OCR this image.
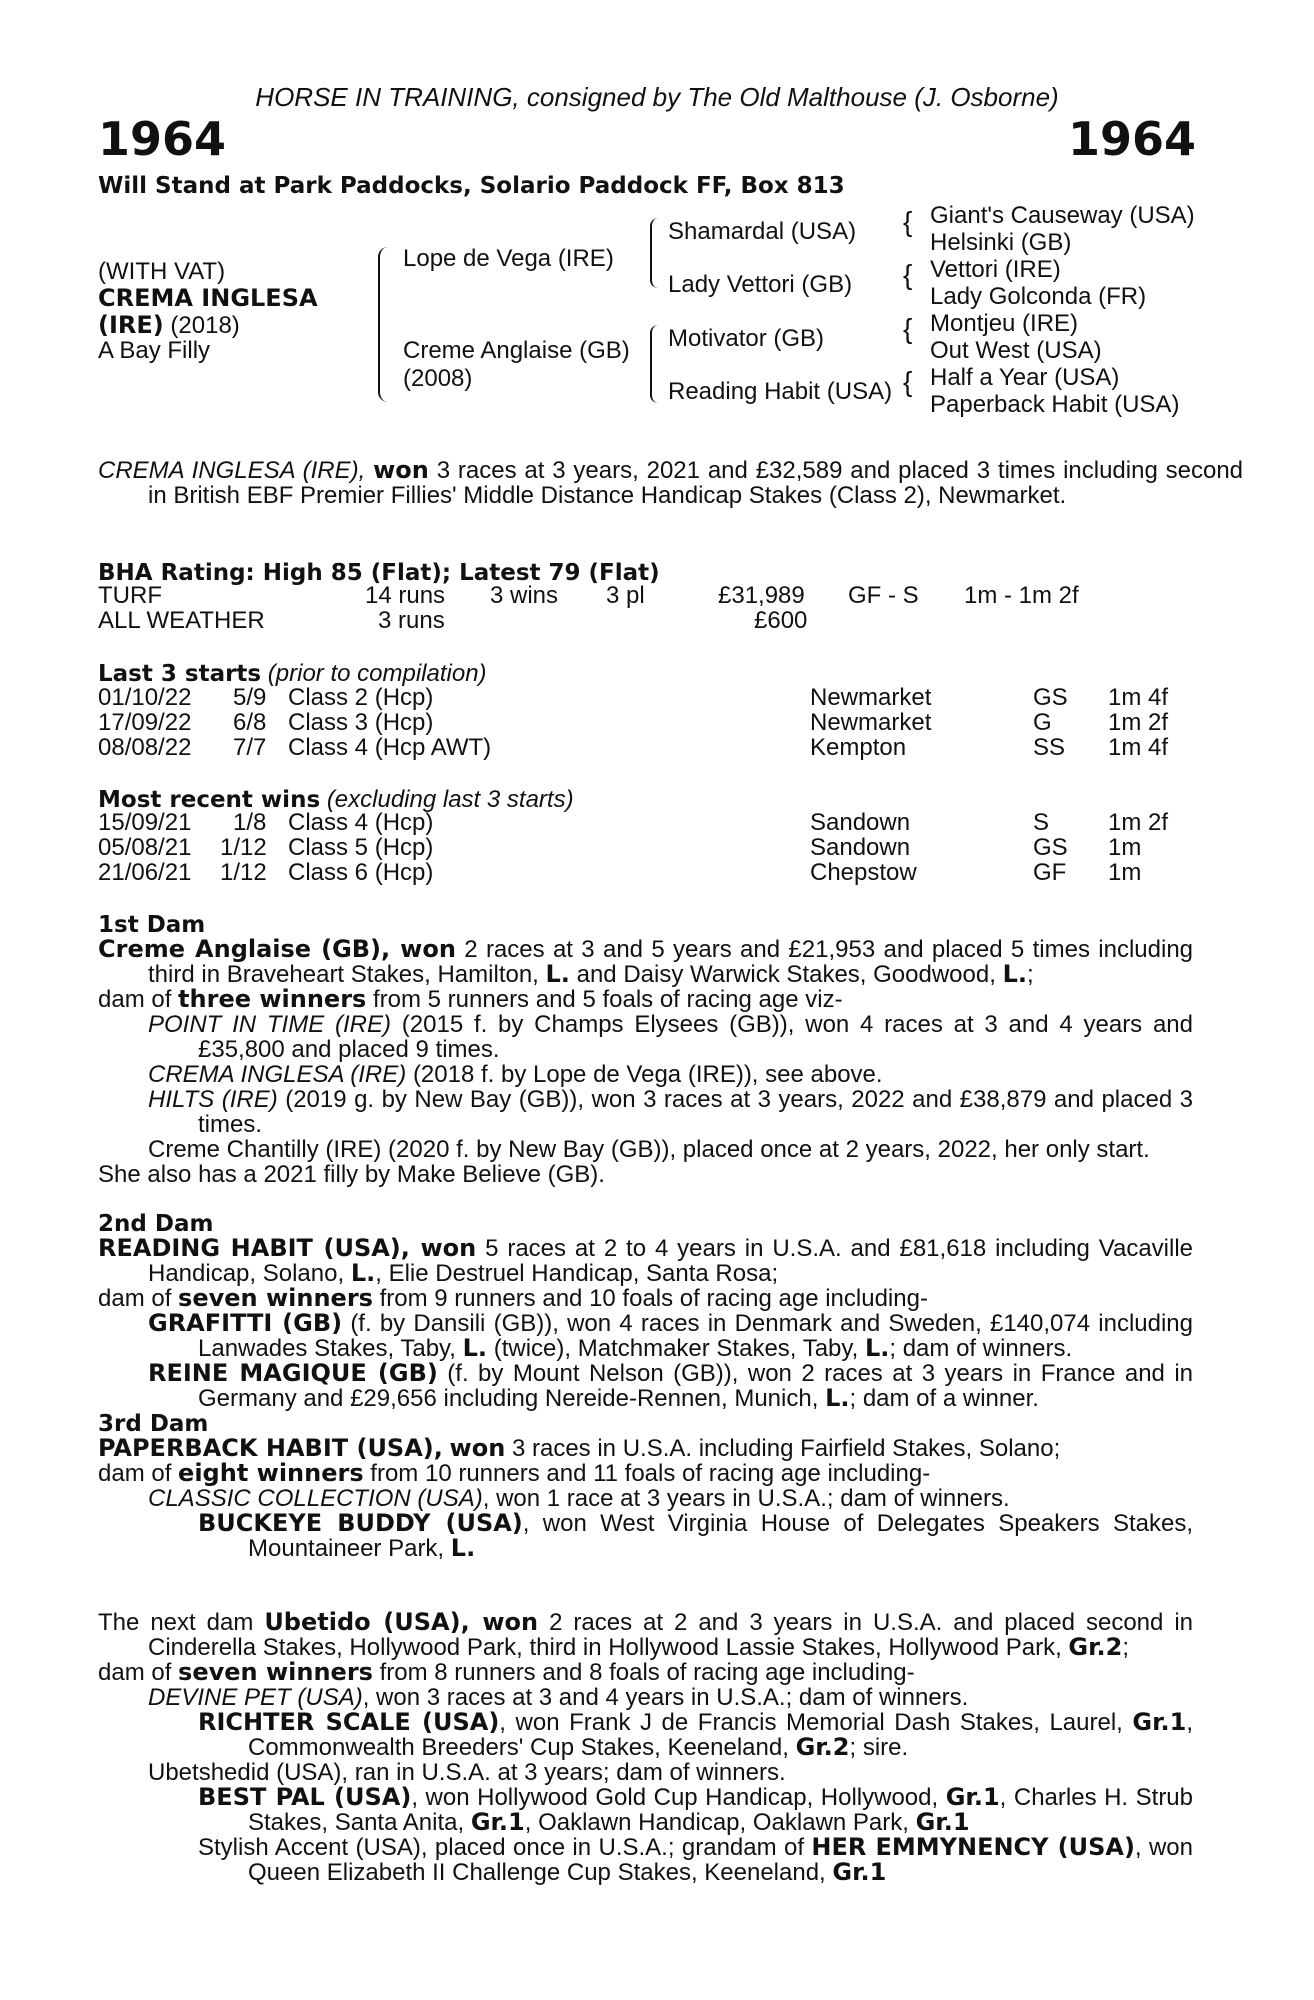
HORSE IN TRAINING, consigned by The Old Malthouse (J. Osborne)
1964	1964
Will Stand at Park Paddocks, Solario Paddock FF, Box 813
(WITH VAT)
CREMA INGLESA
(IRE) (2018)
A Bay Filly
Lope de Vega (IRE)
Creme Anglaise (GB)
(2008)
Shamardal (USA)
Lady Vettori (GB)
Motivator (GB)
Reading Habit (USA)
{
{
{
{
Giant's Causeway (USA)
Helsinki (GB)
Vettori (IRE)
Lady Golconda (FR)
Montjeu (IRE)
Out West (USA)
Half a Year (USA)
Paperback Habit (USA)

CREMA INGLESA (IRE), won 3 races at 3 years, 2021 and £32,589 and placed 3 times including second in British EBF Premier Fillies' Middle Distance Handicap Stakes (Class 2), Newmarket.

BHA Rating: High 85 (Flat); Latest 79 (Flat)
TURF	14 runs 3 wins 3 pl	£31,989 GF - S 1m - 1m 2f
ALL WEATHER	3 runs	£600
Last 3 starts (prior to compilation)
01/10/22 5/9 Class 2 (Hcp)	Newmarket	GS 1m 4f
17/09/22 6/8 Class 3 (Hcp)	Newmarket	G 1m 2f
08/08/22 7/7 Class 4 (Hcp AWT)	Kempton	SS 1m 4f
Most recent wins (excluding last 3 starts)
15/09/21 1/8 Class 4 (Hcp)	Sandown	S 1m 2f
05/08/21 1/12 Class 5 (Hcp)	Sandown	GS 1m
21/06/21 1/12 Class 6 (Hcp)	Chepstow	GF 1m
1st Dam

Creme Anglaise (GB), won 2 races at 3 and 5 years and £21,953 and placed 5 times including third in Braveheart Stakes, Hamilton, L. and Daisy Warwick Stakes, Goodwood, L.;

dam of three winners from 5 runners and 5 foals of racing age viz-

POINT IN TIME (IRE) (2015 f. by Champs Elysees (GB)), won 4 races at 3 and 4 years and £35,800 and placed 9 times.

CREMA INGLESA (IRE) (2018 f. by Lope de Vega (IRE)), see above.

HILTS (IRE) (2019 g. by New Bay (GB)), won 3 races at 3 years, 2022 and £38,879 and placed 3 times.

Creme Chantilly (IRE) (2020 f. by New Bay (GB)), placed once at 2 years, 2022, her only start.

She also has a 2021 filly by Make Believe (GB).

2nd Dam

READING HABIT (USA), won 5 races at 2 to 4 years in U.S.A. and £81,618 including Vacaville Handicap, Solano, L., Elie Destruel Handicap, Santa Rosa;

dam of seven winners from 9 runners and 10 foals of racing age including-

GRAFITTI (GB) (f. by Dansili (GB)), won 4 races in Denmark and Sweden, £140,074 including Lanwades Stakes, Taby, L. (twice), Matchmaker Stakes, Taby, L.; dam of winners.

REINE MAGIQUE (GB) (f. by Mount Nelson (GB)), won 2 races at 3 years in France and in Germany and £29,656 including Nereide-Rennen, Munich, L.; dam of a winner.

3rd Dam

PAPERBACK HABIT (USA), won 3 races in U.S.A. including Fairfield Stakes, Solano;

dam of eight winners from 10 runners and 11 foals of racing age including-

CLASSIC COLLECTION (USA), won 1 race at 3 years in U.S.A.; dam of winners.

BUCKEYE BUDDY (USA), won West Virginia House of Delegates Speakers Stakes, Mountaineer Park, L.

The next dam Ubetido (USA), won 2 races at 2 and 3 years in U.S.A. and placed second in Cinderella Stakes, Hollywood Park, third in Hollywood Lassie Stakes, Hollywood Park, Gr.2;

dam of seven winners from 8 runners and 8 foals of racing age including-

DEVINE PET (USA), won 3 races at 3 and 4 years in U.S.A.; dam of winners.

RICHTER SCALE (USA), won Frank J de Francis Memorial Dash Stakes, Laurel, Gr.1, Commonwealth Breeders' Cup Stakes, Keeneland, Gr.2; sire.

Ubetshedid (USA), ran in U.S.A. at 3 years; dam of winners.

BEST PAL (USA), won Hollywood Gold Cup Handicap, Hollywood, Gr.1, Charles H. Strub Stakes, Santa Anita, Gr.1, Oaklawn Handicap, Oaklawn Park, Gr.1

Stylish Accent (USA), placed once in U.S.A.; grandam of HER EMMYNENCY (USA), won Queen Elizabeth II Challenge Cup Stakes, Keeneland, Gr.1
